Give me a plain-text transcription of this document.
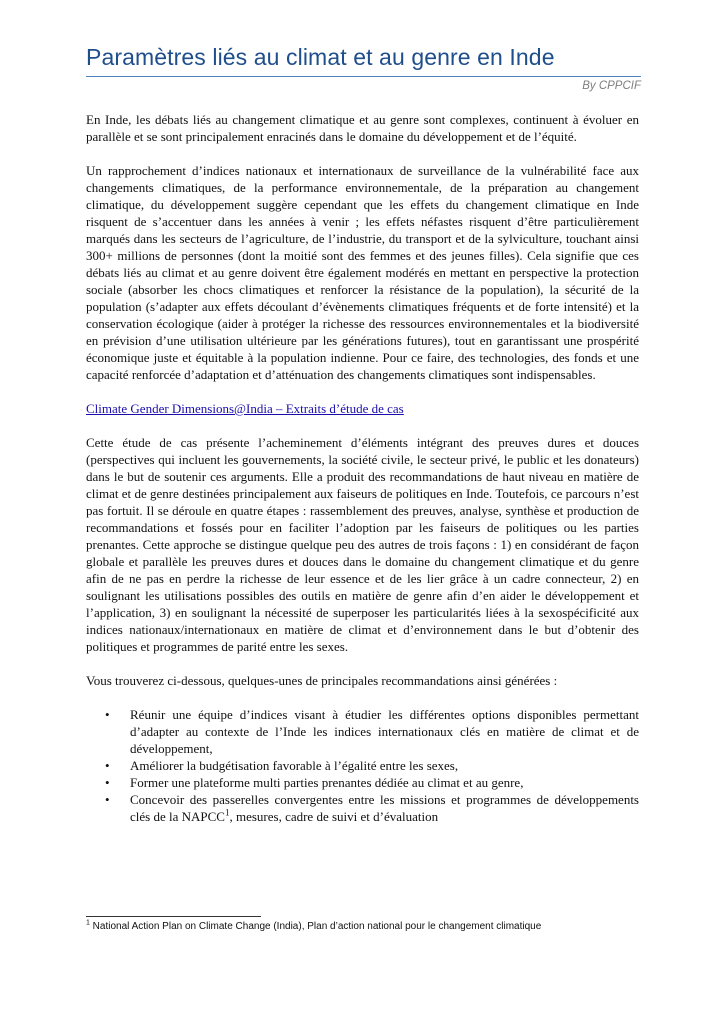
Paramètres liés au climat et au genre en Inde
By CPPCIF

En Inde, les débats liés au changement climatique et au genre sont complexes, continuent à évoluer en parallèle et se sont principalement enracinés dans le domaine du développement et de l’équité.

Un rapprochement d’indices nationaux et internationaux de surveillance de la vulnérabilité face aux changements climatiques, de la performance environnementale, de la préparation au changement climatique, du développement suggère cependant que les effets du changement climatique en Inde risquent de s’accentuer dans les années à venir ; les effets néfastes risquent d’être particulièrement marqués dans les secteurs de l’agriculture, de l’industrie, du transport et de la sylviculture, touchant ainsi 300+ millions de personnes (dont la moitié sont des femmes et des jeunes filles). Cela signifie que ces débats liés au climat et au genre doivent être également modérés en mettant en perspective la protection sociale (absorber les chocs climatiques et renforcer la résistance de la population), la sécurité de la population (s’adapter aux effets découlant d’évènements climatiques fréquents et de forte intensité) et la conservation écologique (aider à protéger la richesse des ressources environnementales et la biodiversité en prévision d’une utilisation ultérieure par les générations futures), tout en garantissant une prospérité économique juste et équitable à la population indienne. Pour ce faire, des technologies, des fonds et une capacité renforcée d’adaptation et d’atténuation des changements climatiques sont indispensables.

Climate Gender Dimensions@India – Extraits d’étude de cas

Cette étude de cas présente l’acheminement d’éléments intégrant des preuves dures et douces (perspectives qui incluent les gouvernements, la société civile, le secteur privé, le public et les donateurs) dans le but de soutenir ces arguments. Elle a produit des recommandations de haut niveau en matière de climat et de genre destinées principalement aux faiseurs de politiques en Inde. Toutefois, ce parcours n’est pas fortuit. Il se déroule en quatre étapes : rassemblement des preuves, analyse, synthèse et production de recommandations et fossés pour en faciliter l’adoption par les faiseurs de politiques ou les parties prenantes. Cette approche se distingue quelque peu des autres de trois façons : 1) en considérant de façon globale et parallèle les preuves dures et douces dans le domaine du changement climatique et du genre afin de ne pas en perdre la richesse de leur essence et de les lier grâce à un cadre connecteur, 2) en soulignant les utilisations possibles des outils en matière de genre afin d’en aider le développement et l’application, 3) en soulignant la nécessité de superposer les particularités liées à la sexospécificité aux indices nationaux/internationaux en matière de climat et d’environnement dans le but d’obtenir des politiques et programmes de parité entre les sexes.

Vous trouverez ci-dessous, quelques-unes de principales recommandations ainsi générées :

• Réunir une équipe d’indices visant à étudier les différentes options disponibles permettant d’adapter au contexte de l’Inde les indices internationaux clés en matière de climat et de développement,
• Améliorer la budgétisation favorable à l’égalité entre les sexes,
• Former une plateforme multi parties prenantes dédiée au climat et au genre,
• Concevoir des passerelles convergentes entre les missions et programmes de développements clés de la NAPCC$^1$, mesures, cadre de suivi et d’évaluation
$^1$ National Action Plan on Climate Change (India), Plan d’action national pour le changement climatique
